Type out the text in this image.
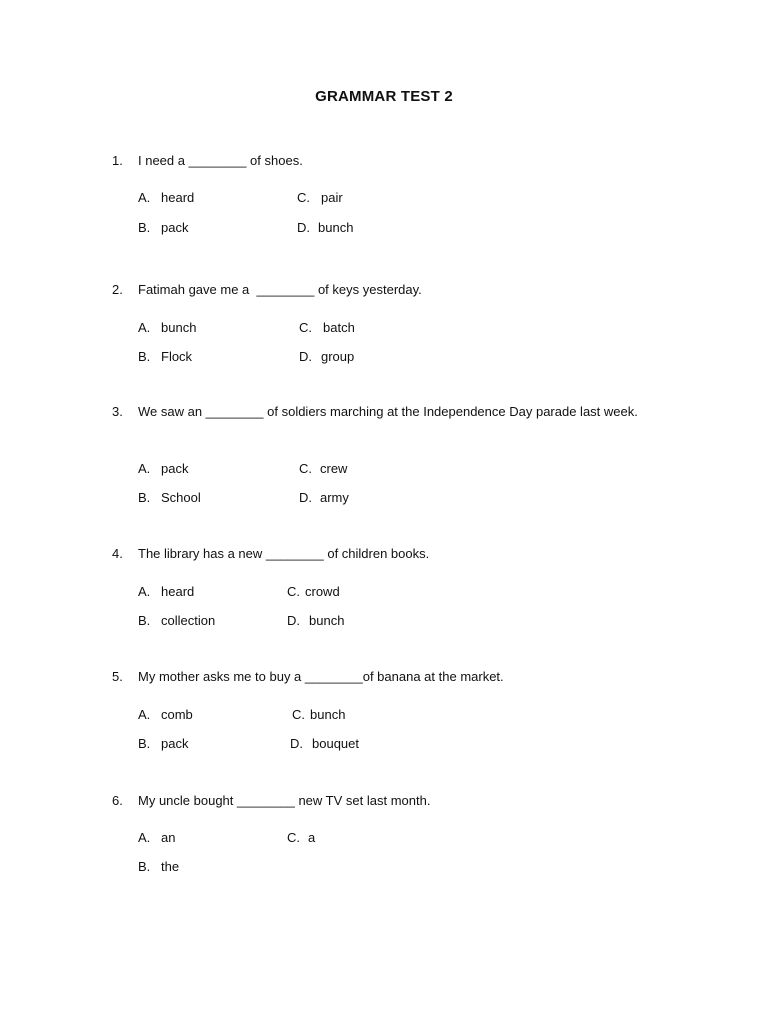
GRAMMAR TEST 2
1. I need a ________ of shoes.
A. heard	C. pair
B. pack	D. bunch
2. Fatimah gave me a  ________ of keys yesterday.
A. bunch	C. batch
B. Flock	D. group
3. We saw an ________ of soldiers marching at the Independence Day parade last week.
A. pack	C. crew
B. School	D. army
4. The library has a new ________ of children books.
A. heard	C. crowd
B. collection	D. bunch
5. My mother asks me to buy a ________of banana at the market.
A. comb	C. bunch
B. pack	D. bouquet
6. My uncle bought ________ new TV set last month.
A. an	C. a
B. the
